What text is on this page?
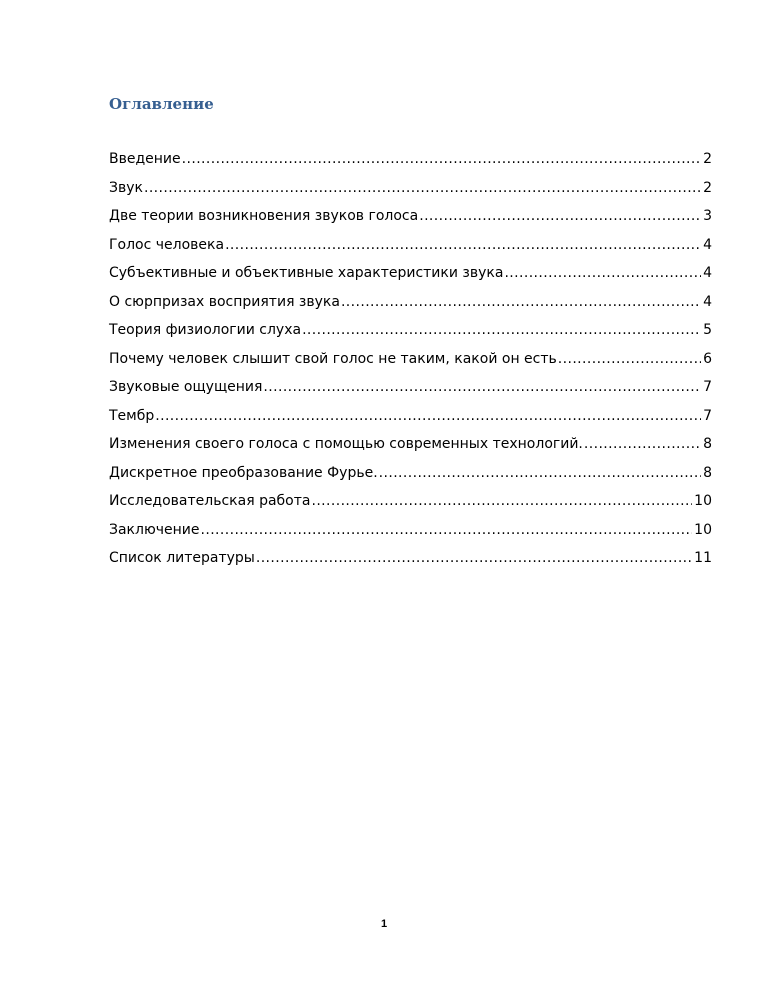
Оглавление
Введение .....	2
Звук .....	2
Две теории возникновения звуков голоса .....	3
Голос человека .....	4
Субъективные и объективные характеристики звука .....	4
О сюрпризах восприятия звука .....	4
Теория физиологии слуха .....	5
Почему человек слышит свой голос не таким, какой он есть .....	6
Звуковые ощущения .....	7
Тембр .....	7
Изменения своего голоса с помощью современных технологий. .....	8
Дискретное преобразование Фурье. .....	8
Исследовательская работа .....	10
Заключение .....	10
Список литературы .....	11
1
